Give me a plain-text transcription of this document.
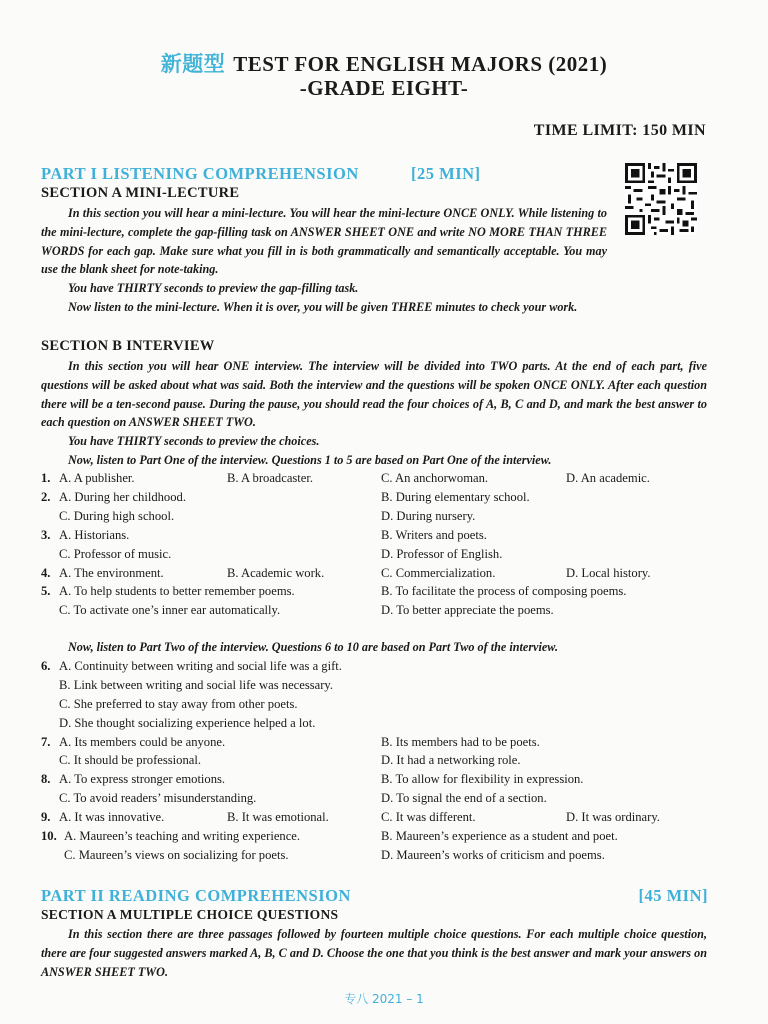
新题型 TEST FOR ENGLISH MAJORS (2021)
-GRADE EIGHT-
TIME LIMIT: 150 MIN
PART I LISTENING COMPREHENSION	[25 MIN]
SECTION A MINI-LECTURE

In this section you will hear a mini-lecture. You will hear the mini-lecture ONCE ONLY. While listening to the mini-lecture, complete the gap-filling task on ANSWER SHEET ONE and write NO MORE THAN THREE WORDS for each gap. Make sure what you fill in is both grammatically and semantically acceptable. You may use the blank sheet for note-taking.

You have THIRTY seconds to preview the gap-filling task.

Now listen to the mini-lecture. When it is over, you will be given THREE minutes to check your work.

SECTION B INTERVIEW

In this section you will hear ONE interview. The interview will be divided into TWO parts. At the end of each part, five questions will be asked about what was said. Both the interview and the questions will be spoken ONCE ONLY. After each question there will be a ten-second pause. During the pause, you should read the four choices of A, B, C and D, and mark the best answer to each question on ANSWER SHEET TWO.

You have THIRTY seconds to preview the choices.

Now, listen to Part One of the interview. Questions 1 to 5 are based on Part One of the interview.

1. A. A publisher.	B. A broadcaster.	C. An anchorwoman.	D. An academic.
2. A. During her childhood.	B. During elementary school.
C. During high school.	D. During nursery.
3. A. Historians.	B. Writers and poets.
C. Professor of music.	D. Professor of English.
4. A. The environment.	B. Academic work.	C. Commercialization.	D. Local history.
5. A. To help students to better remember poems.	B. To facilitate the process of composing poems.
C. To activate one’s inner ear automatically.	D. To better appreciate the poems.

Now, listen to Part Two of the interview. Questions 6 to 10 are based on Part Two of the interview.

6. A. Continuity between writing and social life was a gift.
B. Link between writing and social life was necessary.
C. She preferred to stay away from other poets.
D. She thought socializing experience helped a lot.
7. A. Its members could be anyone.	B. Its members had to be poets.
C. It should be professional.	D. It had a networking role.
8. A. To express stronger emotions.	B. To allow for flexibility in expression.
C. To avoid readers’ misunderstanding.	D. To signal the end of a section.
9. A. It was innovative.	B. It was emotional.	C. It was different.	D. It was ordinary.
10. A. Maureen’s teaching and writing experience.	B. Maureen’s experience as a student and poet.
C. Maureen’s views on socializing for poets.	D. Maureen’s works of criticism and poems.
PART II READING COMPREHENSION	[45 MIN]
SECTION A MULTIPLE CHOICE QUESTIONS

In this section there are three passages followed by fourteen multiple choice questions. For each multiple choice question, there are four suggested answers marked A, B, C and D. Choose the one that you think is the best answer and mark your answers on ANSWER SHEET TWO.

专八 2021 – 1
